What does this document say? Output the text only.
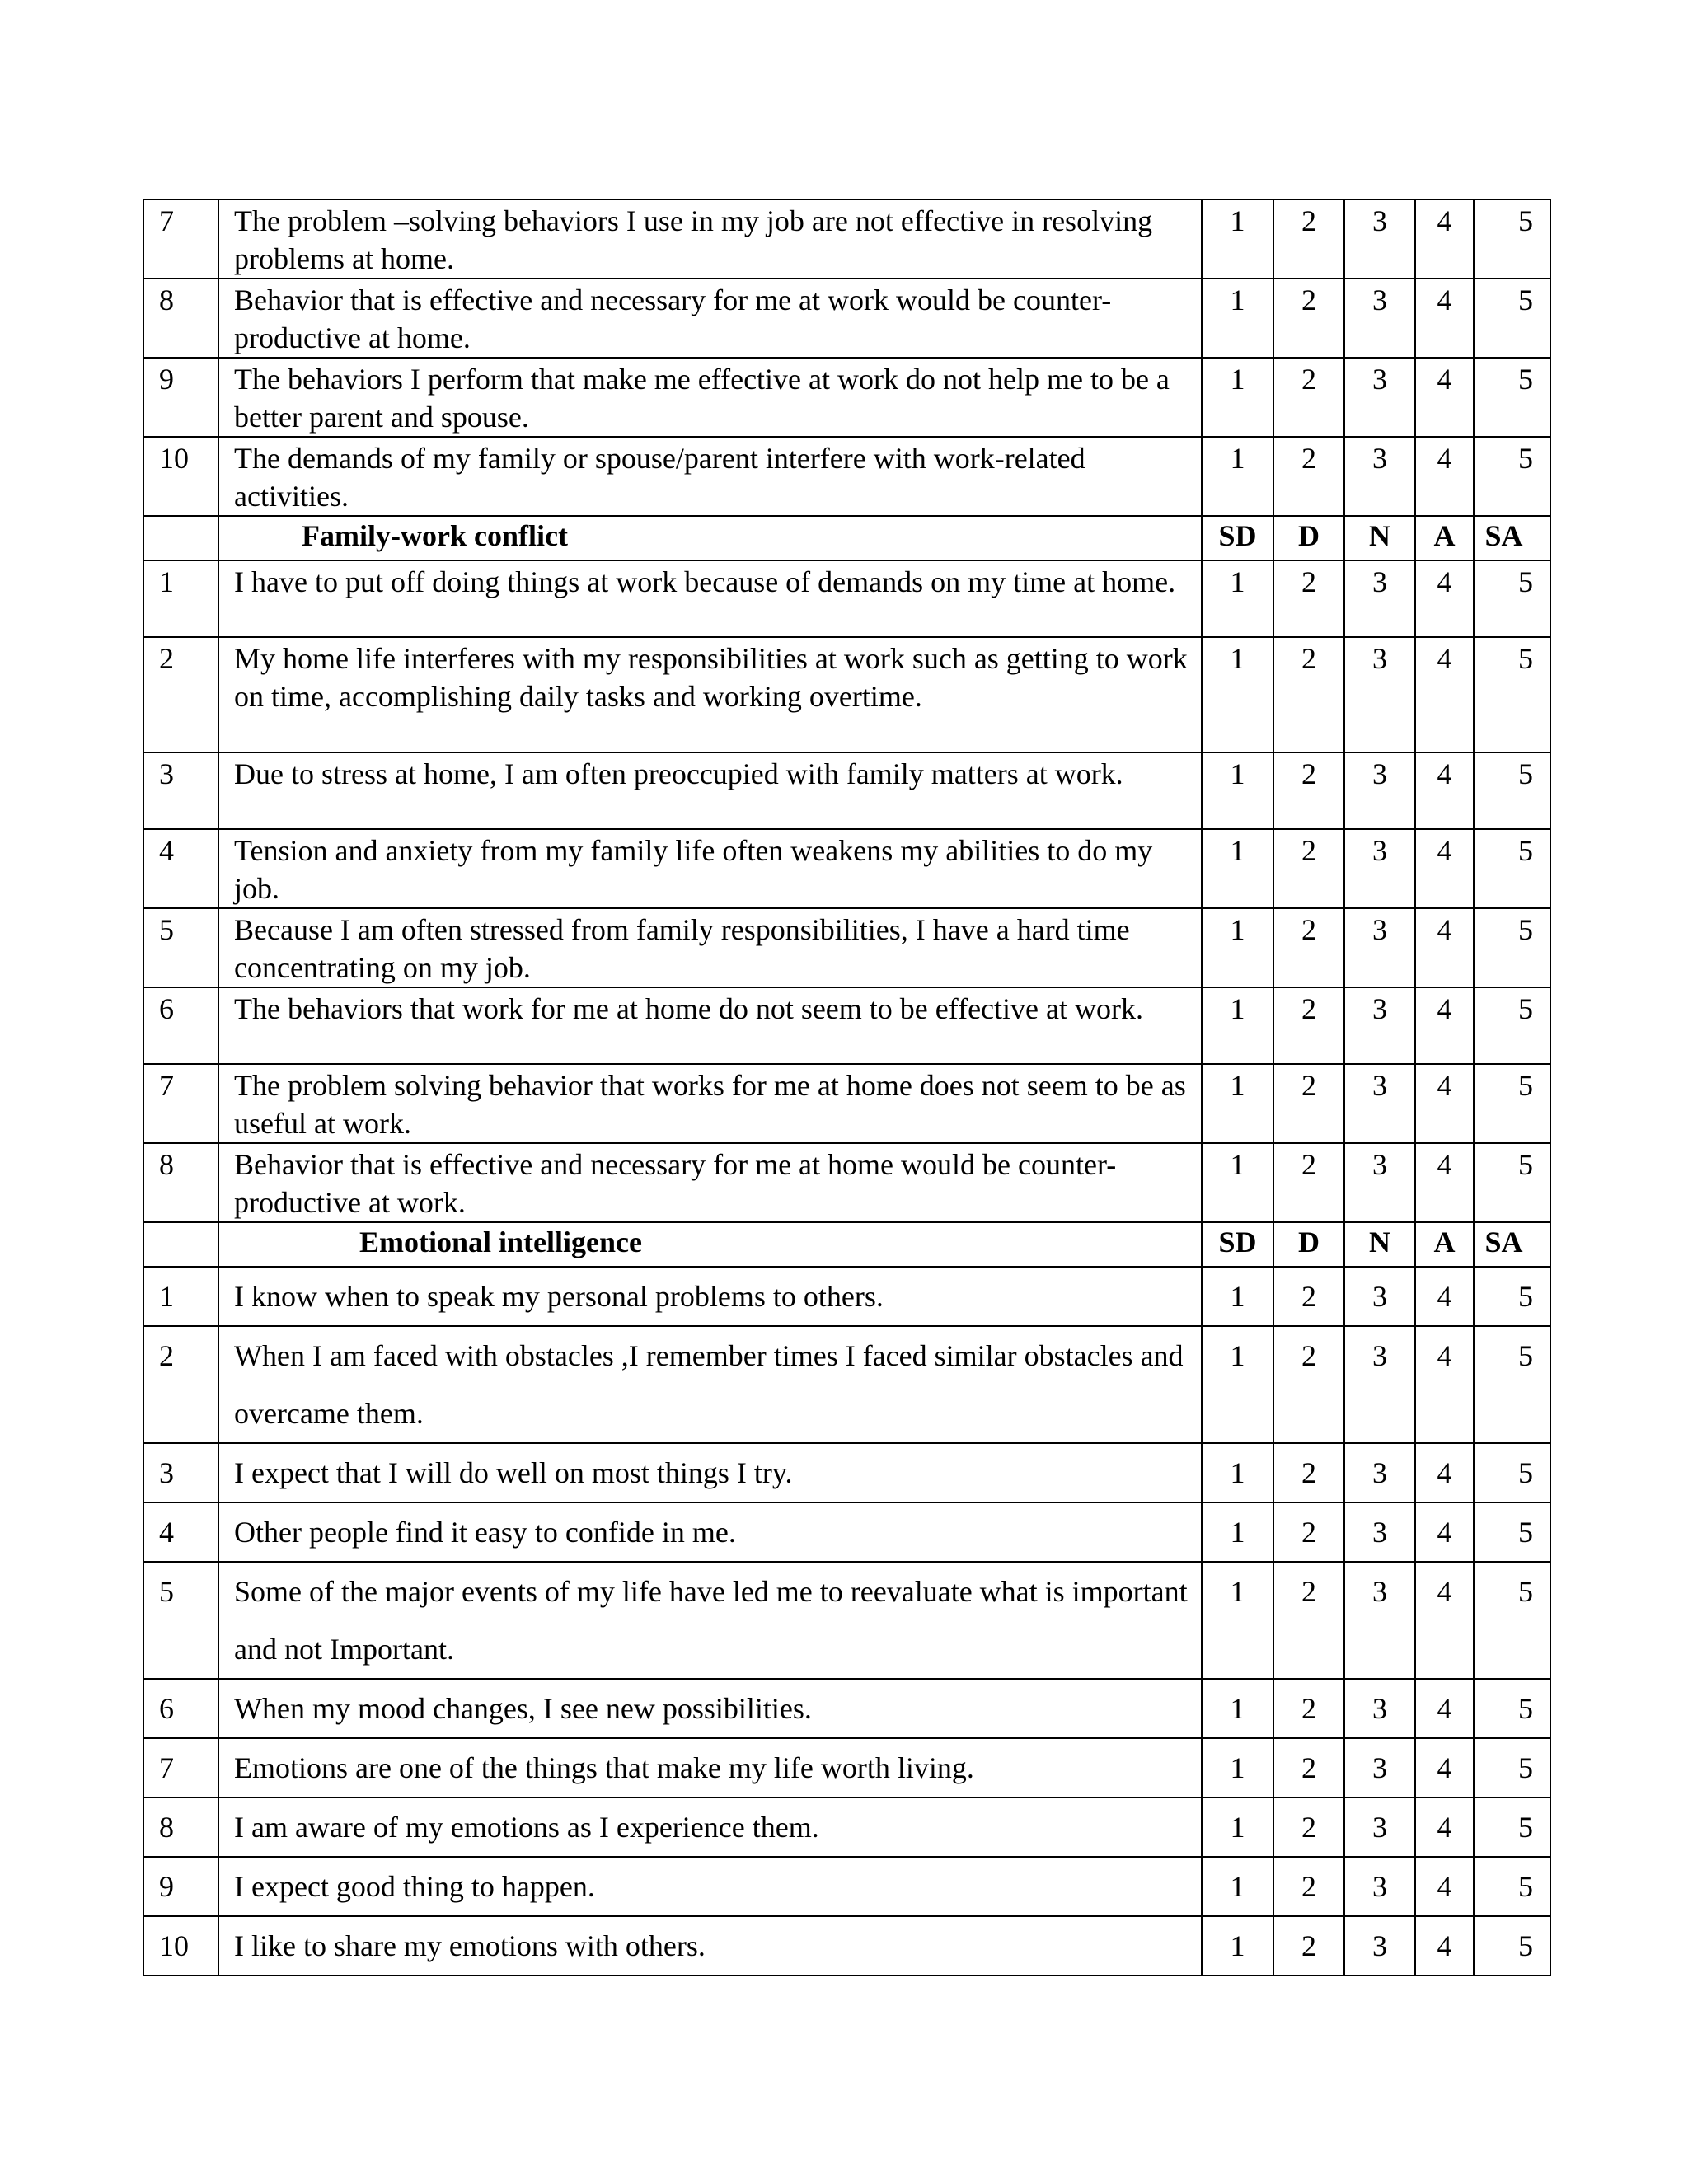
7	The problem –solving behaviors I use in my job are not effective in resolving problems at home.	1	2	3	4	5
8	Behavior that is effective and necessary for me at work would be counter-productive at home.	1	2	3	4	5
9	The behaviors I perform that make me effective at work do not help me to be a better parent and spouse.	1	2	3	4	5
10	The demands of my family or spouse/parent interfere with work-related activities.	1	2	3	4	5
	Family-work conflict	SD	D	N	A	SA
1	I have to put off doing things at work because of demands on my time at home.	1	2	3	4	5
2	My home life interferes with my responsibilities at work such as getting to work on time, accomplishing daily tasks and working overtime.	1	2	3	4	5
3	Due to stress at home, I am often preoccupied with family matters at work.	1	2	3	4	5
4	Tension and anxiety from my family life often weakens my abilities to do my job.	1	2	3	4	5
5	Because I am often stressed from family responsibilities, I have a hard time concentrating on my job.	1	2	3	4	5
6	The behaviors that work for me at home do not seem to be effective at work.	1	2	3	4	5
7	The problem solving behavior that works for me at home does not seem to be as useful at work.	1	2	3	4	5
8	Behavior that is effective and necessary for me at home would be counter-productive at work.	1	2	3	4	5
	Emotional intelligence	SD	D	N	A	SA
1	I know when to speak my personal problems to others.	1	2	3	4	5
2	When I am faced with obstacles ,I remember times I faced similar obstacles and overcame them.	1	2	3	4	5
3	I expect that I will do well on most things I try.	1	2	3	4	5
4	Other people find it easy to confide in me.	1	2	3	4	5
5	Some of the major events of my life have led me to reevaluate what is important and not Important.	1	2	3	4	5
6	When my mood changes, I see new possibilities.	1	2	3	4	5
7	Emotions are one of the things that make my life worth living.	1	2	3	4	5
8	I am aware of my emotions as I experience them.	1	2	3	4	5
9	I expect good thing to happen.	1	2	3	4	5
10	I like to share my emotions with others.	1	2	3	4	5
